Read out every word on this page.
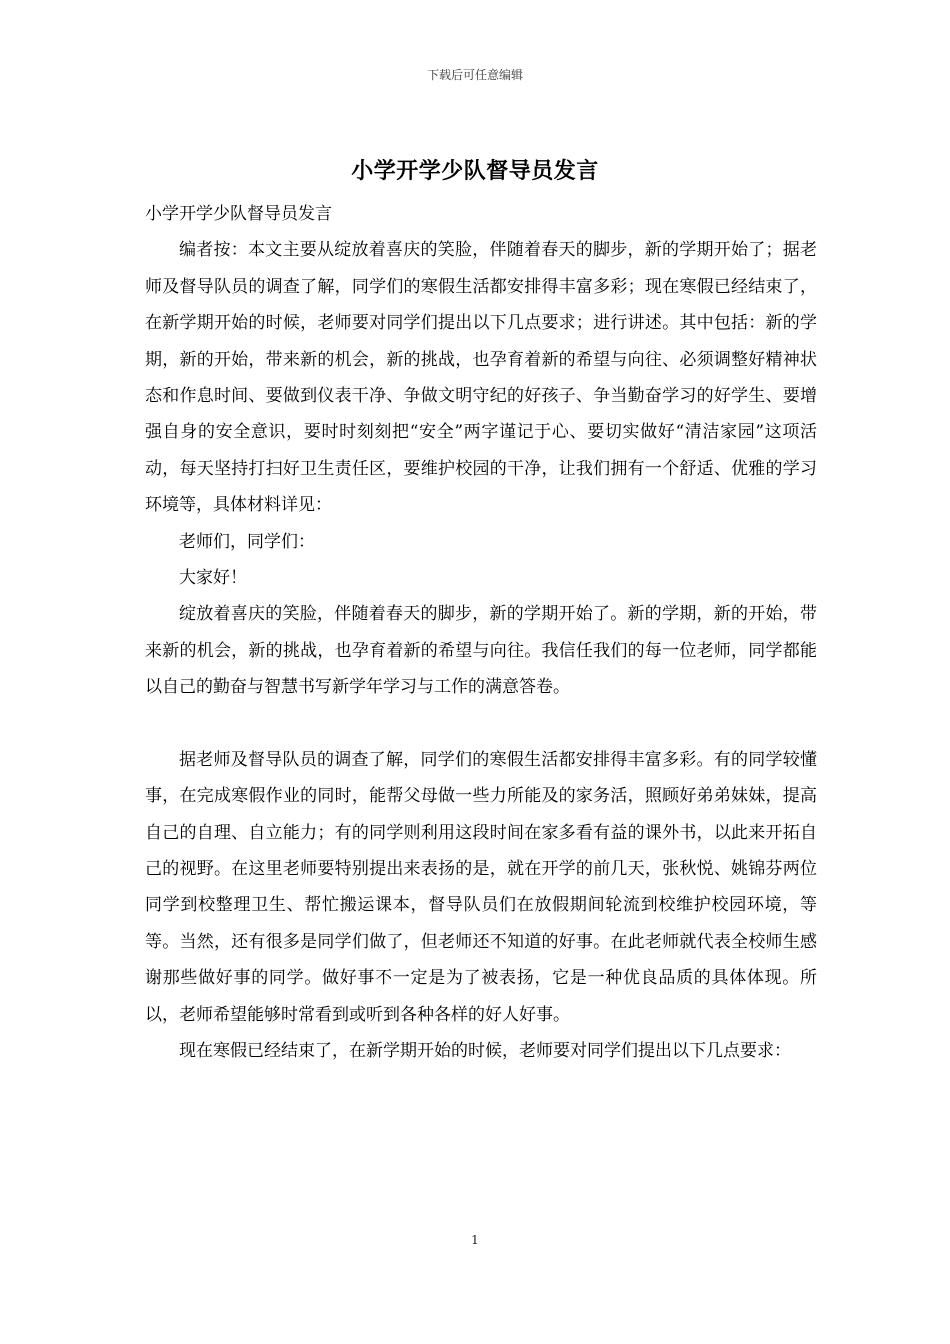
下载后可任意编辑
小学开学少队督导员发言

小学开学少队督导员发言

编者按：本文主要从绽放着喜庆的笑脸，伴随着春天的脚步，新的学期开始了；据老师及督导队员的调查了解，同学们的寒假生活都安排得丰富多彩；现在寒假已经结束了，在新学期开始的时候，老师要对同学们提出以下几点要求；进行讲述。其中包括：新的学期，新的开始，带来新的机会，新的挑战，也孕育着新的希望与向往、必须调整好精神状态和作息时间、要做到仪表干净、争做文明守纪的好孩子、争当勤奋学习的好学生、要增强自身的安全意识，要时时刻刻把“安全”两字谨记于心、要切实做好“清洁家园”这项活动，每天坚持打扫好卫生责任区，要维护校园的干净，让我们拥有一个舒适、优雅的学习环境等，具体材料详见：

老师们，同学们：

大家好！

绽放着喜庆的笑脸，伴随着春天的脚步，新的学期开始了。新的学期，新的开始，带来新的机会，新的挑战，也孕育着新的希望与向往。我信任我们的每一位老师，同学都能以自己的勤奋与智慧书写新学年学习与工作的满意答卷。

据老师及督导队员的调查了解，同学们的寒假生活都安排得丰富多彩。有的同学较懂事，在完成寒假作业的同时，能帮父母做一些力所能及的家务活，照顾好弟弟妹妹，提高自己的自理、自立能力；有的同学则利用这段时间在家多看有益的课外书，以此来开拓自己的视野。在这里老师要特别提出来表扬的是，就在开学的前几天，张秋悦、姚锦芬两位同学到校整理卫生、帮忙搬运课本，督导队员们在放假期间轮流到校维护校园环境，等等。当然，还有很多是同学们做了，但老师还不知道的好事。在此老师就代表全校师生感谢那些做好事的同学。做好事不一定是为了被表扬，它是一种优良品质的具体体现。所以，老师希望能够时常看到或听到各种各样的好人好事。

现在寒假已经结束了，在新学期开始的时候，老师要对同学们提出以下几点要求：

1
